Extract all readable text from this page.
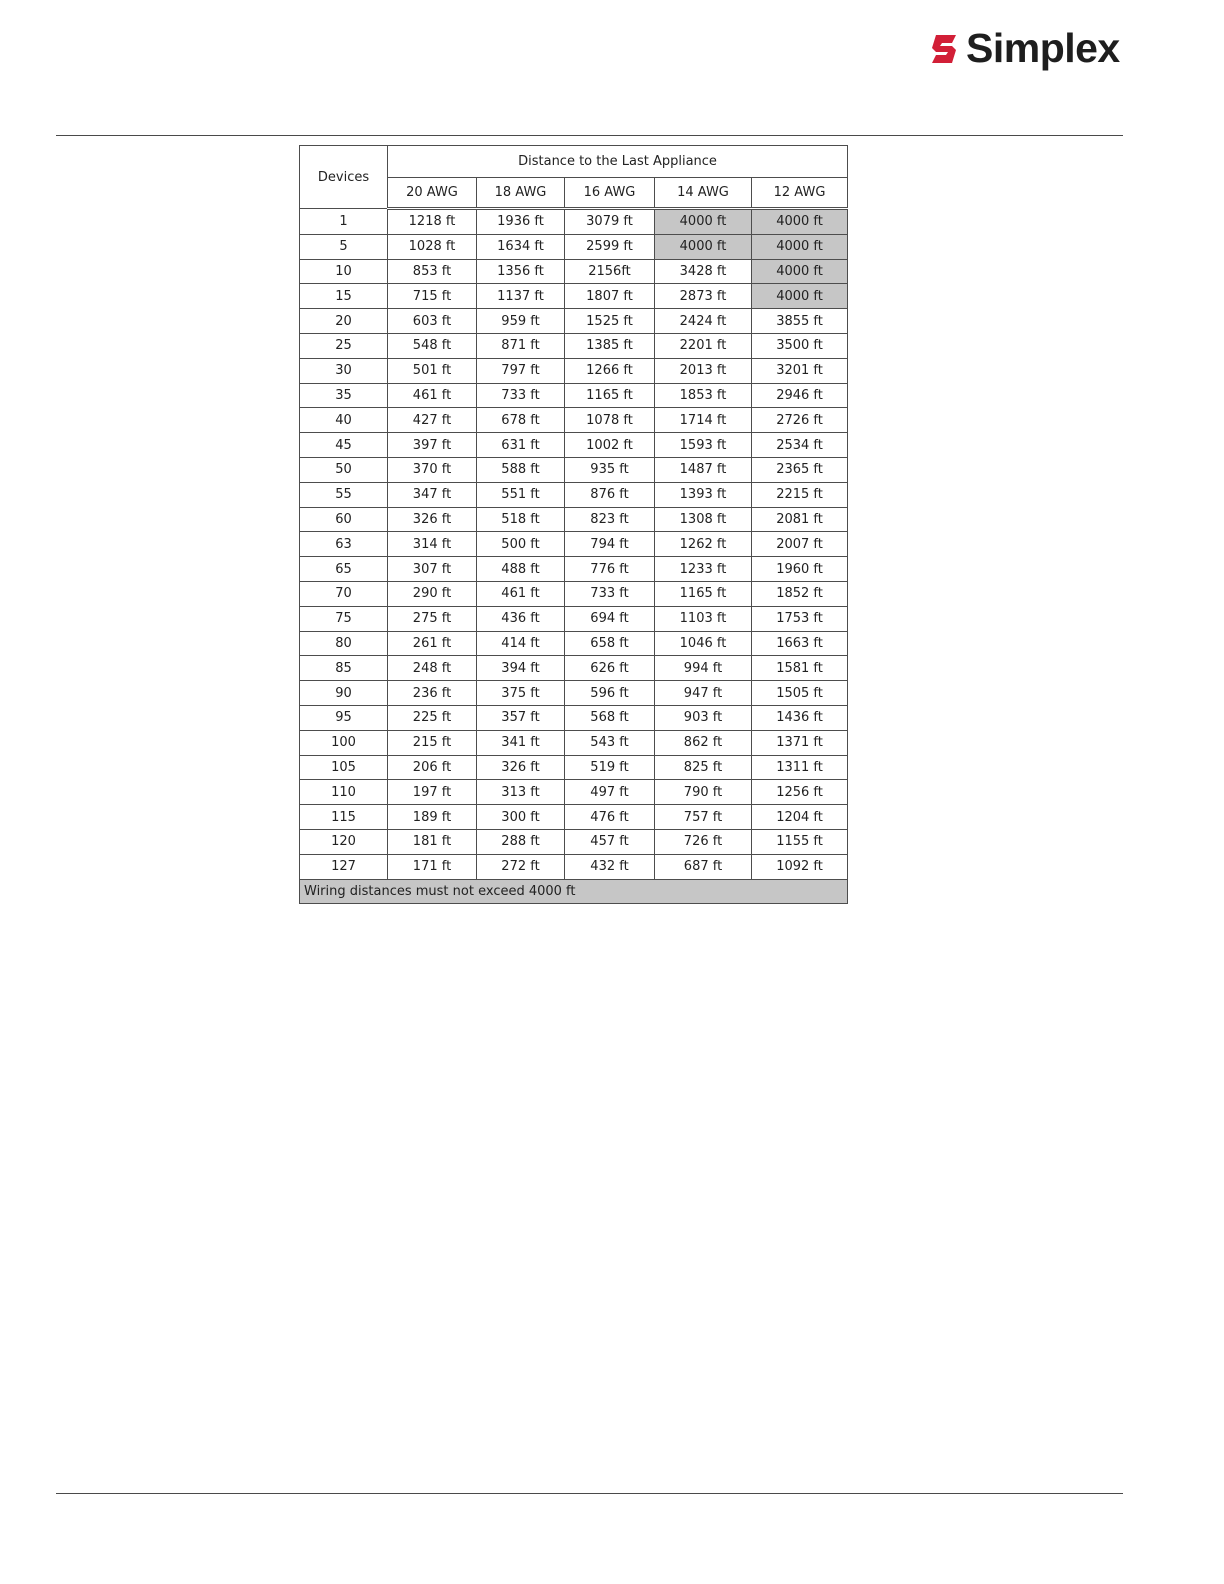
Simplex
Devices	Distance to the Last Appliance				
	20 AWG	18 AWG	16 AWG	14 AWG	12 AWG
1	1218 ft	1936 ft	3079 ft	4000 ft	4000 ft
5	1028 ft	1634 ft	2599 ft	4000 ft	4000 ft
10	853 ft	1356 ft	2156ft	3428 ft	4000 ft
15	715 ft	1137 ft	1807 ft	2873 ft	4000 ft
20	603 ft	959 ft	1525 ft	2424 ft	3855 ft
25	548 ft	871 ft	1385 ft	2201 ft	3500 ft
30	501 ft	797 ft	1266 ft	2013 ft	3201 ft
35	461 ft	733 ft	1165 ft	1853 ft	2946 ft
40	427 ft	678 ft	1078 ft	1714 ft	2726 ft
45	397 ft	631 ft	1002 ft	1593 ft	2534 ft
50	370 ft	588 ft	935 ft	1487 ft	2365 ft
55	347 ft	551 ft	876 ft	1393 ft	2215 ft
60	326 ft	518 ft	823 ft	1308 ft	2081 ft
63	314 ft	500 ft	794 ft	1262 ft	2007 ft
65	307 ft	488 ft	776 ft	1233 ft	1960 ft
70	290 ft	461 ft	733 ft	1165 ft	1852 ft
75	275 ft	436 ft	694 ft	1103 ft	1753 ft
80	261 ft	414 ft	658 ft	1046 ft	1663 ft
85	248 ft	394 ft	626 ft	994 ft	1581 ft
90	236 ft	375 ft	596 ft	947 ft	1505 ft
95	225 ft	357 ft	568 ft	903 ft	1436 ft
100	215 ft	341 ft	543 ft	862 ft	1371 ft
105	206 ft	326 ft	519 ft	825 ft	1311 ft
110	197 ft	313 ft	497 ft	790 ft	1256 ft
115	189 ft	300 ft	476 ft	757 ft	1204 ft
120	181 ft	288 ft	457 ft	726 ft	1155 ft
127	171 ft	272 ft	432 ft	687 ft	1092 ft
Wiring distances must not exceed 4000 ft					
